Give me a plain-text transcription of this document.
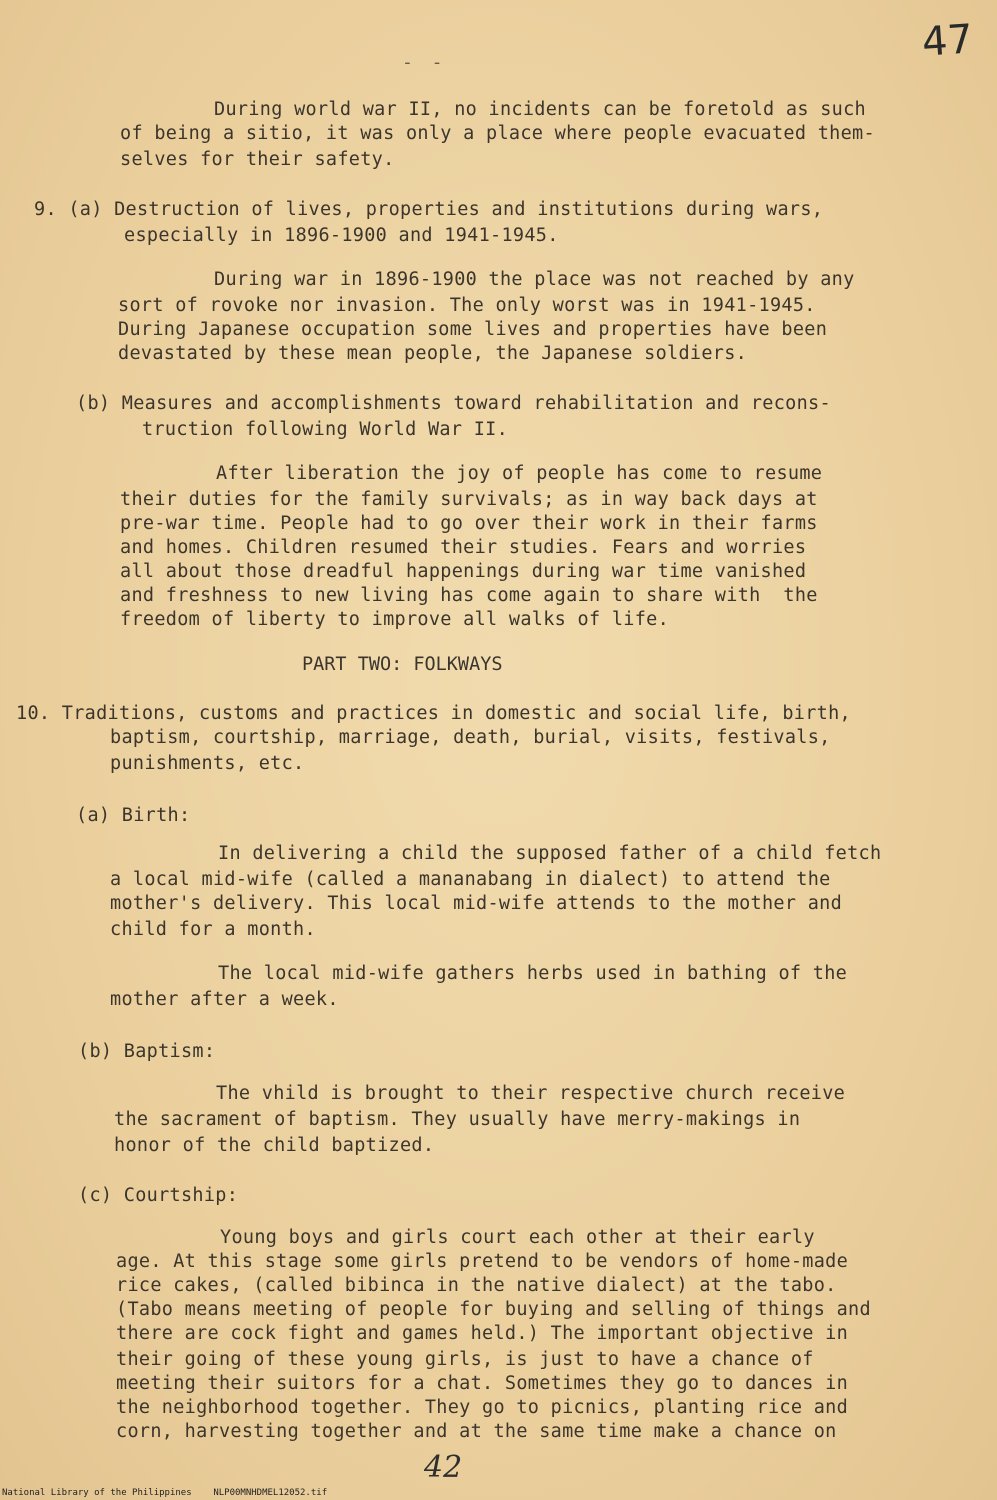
47
- -
During world war II, no incidents can be foretold as such
of being a sitio, it was only a place where people evacuated them-
selves for their safety.
9. (a) Destruction of lives, properties and institutions during wars,
especially in 1896-1900 and 1941-1945.
During war in 1896-1900 the place was not reached by any
sort of rovoke nor invasion. The only worst was in 1941-1945.
During Japanese occupation some lives and properties have been
devastated by these mean people, the Japanese soldiers.
(b) Measures and accomplishments toward rehabilitation and recons-
truction following World War II.
After liberation the joy of people has come to resume
their duties for the family survivals; as in way back days at
pre-war time. People had to go over their work in their farms
and homes. Children resumed their studies. Fears and worries
all about those dreadful happenings during war time vanished
and freshness to new living has come again to share with  the
freedom of liberty to improve all walks of life.
PART TWO: FOLKWAYS
10. Traditions, customs and practices in domestic and social life, birth,
baptism, courtship, marriage, death, burial, visits, festivals,
punishments, etc.
(a) Birth:
In delivering a child the supposed father of a child fetch
a local mid-wife (called a mananabang in dialect) to attend the
mother's delivery. This local mid-wife attends to the mother and
child for a month.
The local mid-wife gathers herbs used in bathing of the
mother after a week.
(b) Baptism:
The vhild is brought to their respective church receive
the sacrament of baptism. They usually have merry-makings in
honor of the child baptized.
(c) Courtship:
Young boys and girls court each other at their early
age. At this stage some girls pretend to be vendors of home-made
rice cakes, (called bibinca in the native dialect) at the tabo.
(Tabo means meeting of people for buying and selling of things and
there are cock fight and games held.) The important objective in
their going of these young girls, is just to have a chance of
meeting their suitors for a chat. Sometimes they go to dances in
the neighborhood together. They go to picnics, planting rice and
corn, harvesting together and at the same time make a chance on
42
National Library of the Philippines    NLP00MNHDMEL12052.tif
